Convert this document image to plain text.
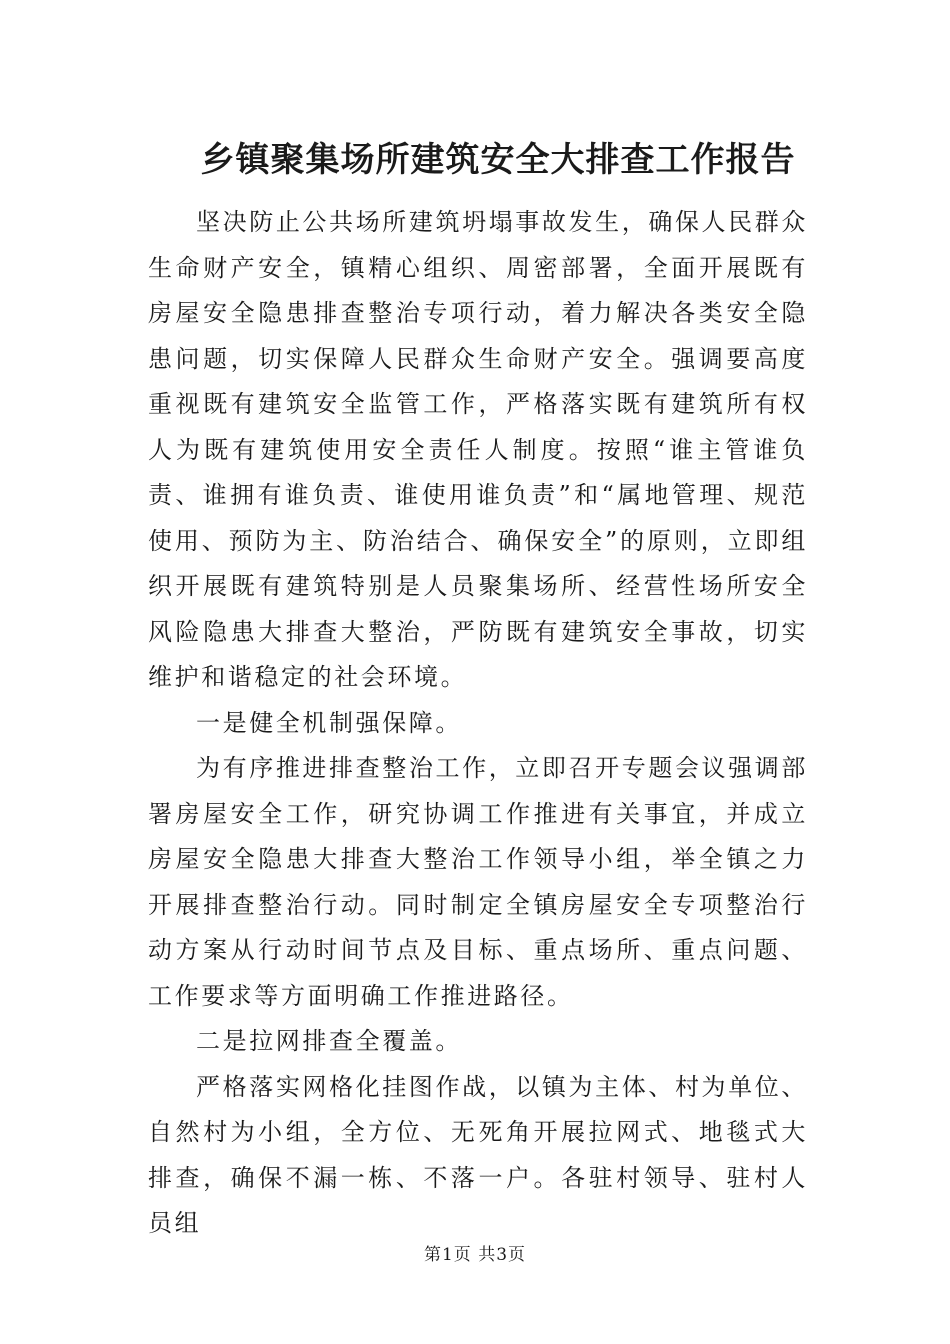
乡镇聚集场所建筑安全大排查工作报告

坚决防止公共场所建筑坍塌事故发生，确保人民群众生命财产安全，镇精心组织、周密部署，全面开展既有房屋安全隐患排查整治专项行动，着力解决各类安全隐患问题，切实保障人民群众生命财产安全。强调要高度重视既有建筑安全监管工作，严格落实既有建筑所有权人为既有建筑使用安全责任人制度。按照“谁主管谁负责、谁拥有谁负责、谁使用谁负责”和“属地管理、规范使用、预防为主、防治结合、确保安全”的原则，立即组织开展既有建筑特别是人员聚集场所、经营性场所安全风险隐患大排查大整治，严防既有建筑安全事故，切实维护和谐稳定的社会环境。

一是健全机制强保障。

为有序推进排查整治工作，立即召开专题会议强调部署房屋安全工作，研究协调工作推进有关事宜，并成立房屋安全隐患大排查大整治工作领导小组，举全镇之力开展排查整治行动。同时制定全镇房屋安全专项整治行动方案从行动时间节点及目标、重点场所、重点问题、工作要求等方面明确工作推进路径。

二是拉网排查全覆盖。

严格落实网格化挂图作战，以镇为主体、村为单位、自然村为小组，全方位、无死角开展拉网式、地毯式大排查，确保不漏一栋、不落一户。各驻村领导、驻村人员组

第1页 共3页
